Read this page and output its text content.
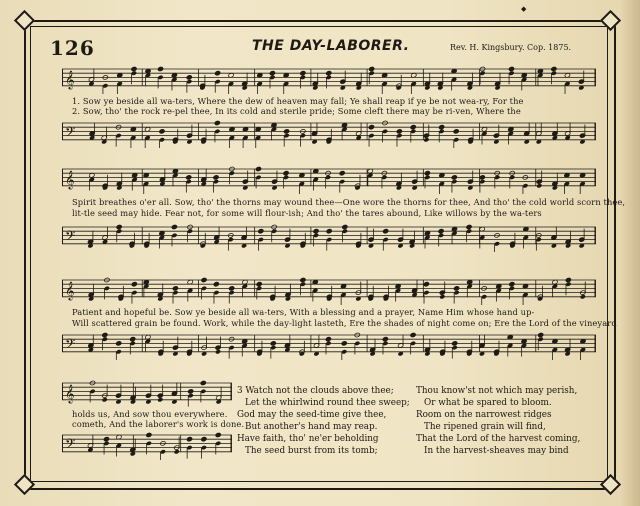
◆
126	THE DAY-LABORER.	Rev. H. Kingsbury. Cop. 1875.
𝄞
1. Sow ye beside all wa-ters, Where the dew of heaven may fall; Ye shall reap if ye be not wea-ry, For the
2. Sow, tho' the rock re-pel thee, In its cold and sterile pride; Some cleft there may be ri-ven, Where the
𝄢
𝄞
Spirit breathes o'er all. Sow, tho' the thorns may wound thee—One wore the thorns for thee, And tho' the cold world scorn thee,
lit-tle seed may hide. Fear not, for some will flour-ish; And tho' the tares abound, Like willows by the wa-ters
𝄢
𝄞
Patient and hopeful be. Sow ye beside all wa-ters, With a blessing and a prayer, Name Him whose hand up-
Will scattered grain be found. Work, while the day-light lasteth, Ere the shades of night come on; Ere the Lord of the vineyard
𝄢
𝄞
holds us, And sow thou everywhere.
cometh, And the laborer's work is done.
𝄢
3 Watch not the clouds above thee;
Let the whirlwind round thee sweep;
God may the seed-time give thee,
But another's hand may reap.
Have faith, tho' ne'er beholding
The seed burst from its tomb;
Thou know'st not which may perish,
Or what be spared to bloom.
Room on the narrowest ridges
The ripened grain will find,
That the Lord of the harvest coming,
In the harvest-sheaves may bind
